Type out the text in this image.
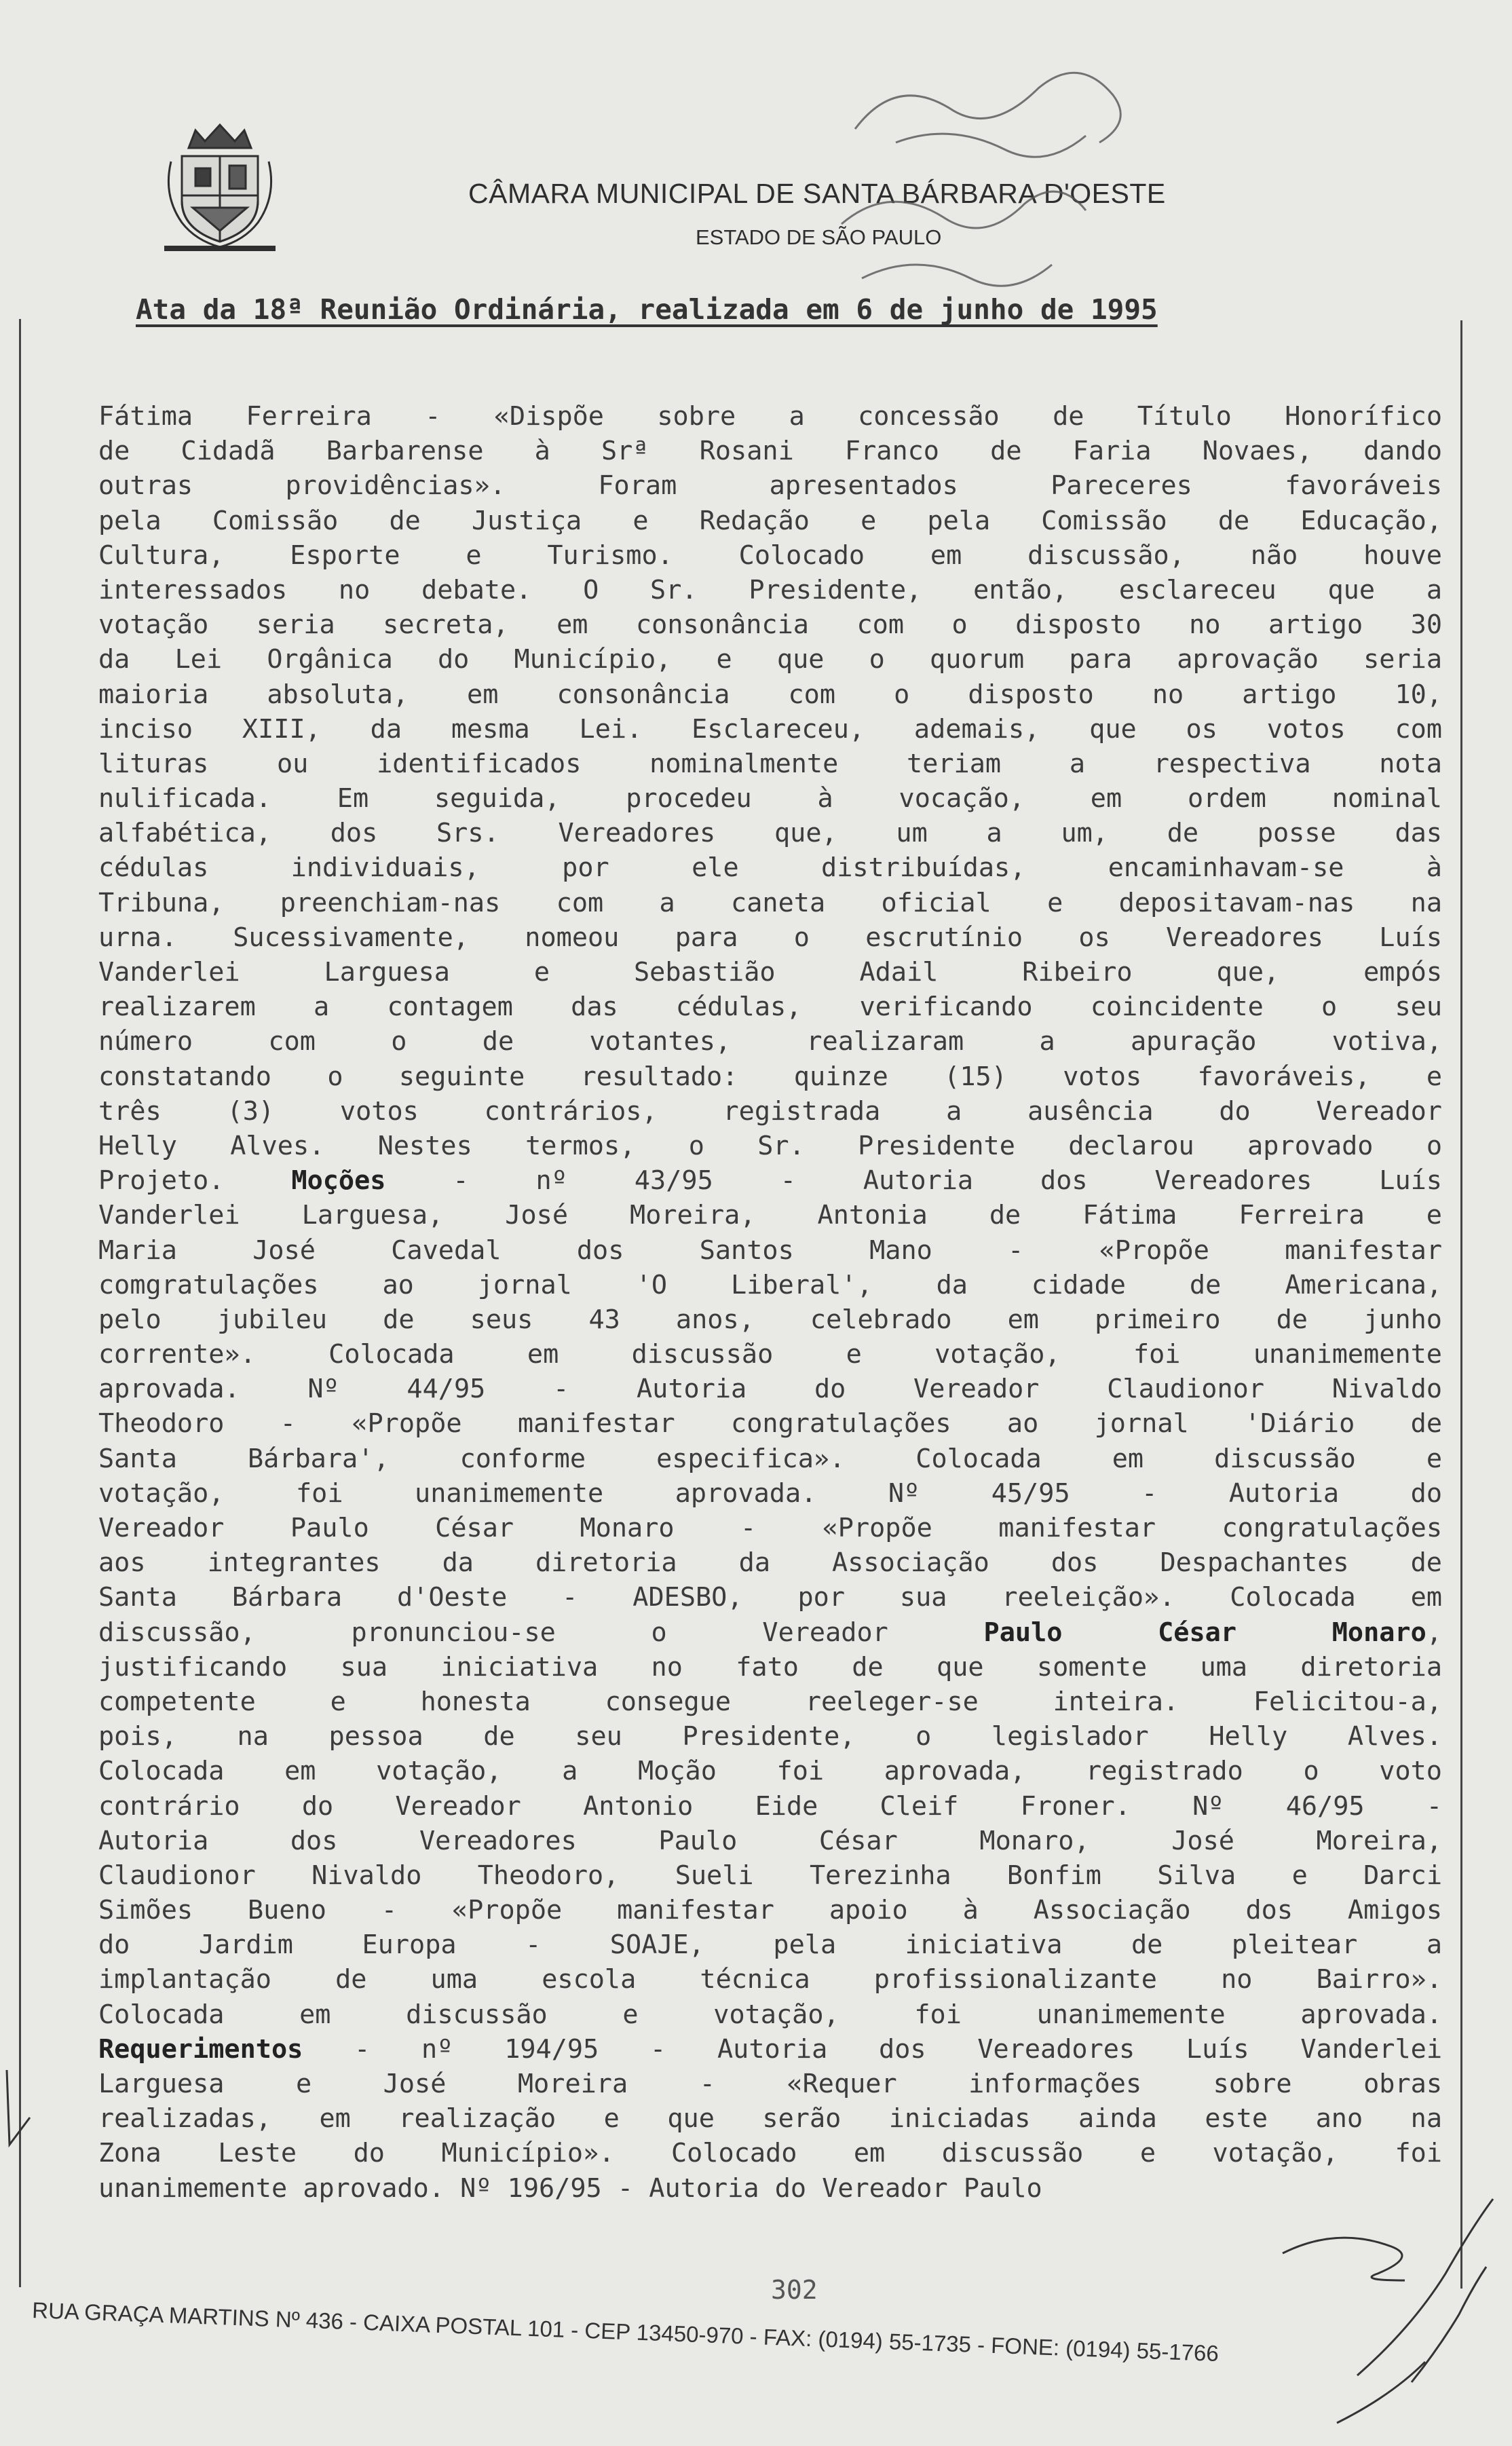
CÂMARA MUNICIPAL DE SANTA BÁRBARA D'OESTE
ESTADO DE SÃO PAULO
Ata da 18ª Reunião Ordinária, realizada em 6 de junho de 1995
Fátima Ferreira - «Dispõe sobre a concessão de Título Honorífico
de Cidadã Barbarense à Srª Rosani Franco de Faria Novaes, dando
outras providências». Foram apresentados Pareceres favoráveis
pela Comissão de Justiça e Redação e pela Comissão de Educação,
Cultura, Esporte e Turismo. Colocado em discussão, não houve
interessados no debate. O Sr. Presidente, então, esclareceu que a
votação seria secreta, em consonância com o disposto no artigo 30
da Lei Orgânica do Município, e que o quorum para aprovação seria
maioria absoluta, em consonância com o disposto no artigo 10,
inciso XIII, da mesma Lei. Esclareceu, ademais, que os votos com
lituras ou identificados nominalmente teriam a respectiva nota
nulificada. Em seguida, procedeu à vocação, em ordem nominal
alfabética, dos Srs. Vereadores que, um a um, de posse das
cédulas individuais, por ele distribuídas, encaminhavam-se à
Tribuna, preenchiam-nas com a caneta oficial e depositavam-nas na
urna. Sucessivamente, nomeou para o escrutínio os Vereadores Luís
Vanderlei Larguesa e Sebastião Adail Ribeiro que, empós
realizarem a contagem das cédulas, verificando coincidente o seu
número com o de votantes, realizaram a apuração votiva,
constatando o seguinte resultado: quinze (15) votos favoráveis, e
três (3) votos contrários, registrada a ausência do Vereador
Helly Alves. Nestes termos, o Sr. Presidente declarou aprovado o
Projeto. Moções - nº 43/95 - Autoria dos Vereadores Luís
Vanderlei Larguesa, José Moreira, Antonia de Fátima Ferreira e
Maria José Cavedal dos Santos Mano - «Propõe manifestar
comgratulações ao jornal 'O Liberal', da cidade de Americana,
pelo jubileu de seus 43 anos, celebrado em primeiro de junho
corrente». Colocada em discussão e votação, foi unanimemente
aprovada. Nº 44/95 - Autoria do Vereador Claudionor Nivaldo
Theodoro - «Propõe manifestar congratulações ao jornal 'Diário de
Santa Bárbara', conforme especifica». Colocada em discussão e
votação, foi unanimemente aprovada. Nº 45/95 - Autoria do
Vereador Paulo César Monaro - «Propõe manifestar congratulações
aos integrantes da diretoria da Associação dos Despachantes de
Santa Bárbara d'Oeste - ADESBO, por sua reeleição». Colocada em
discussão, pronunciou-se o Vereador Paulo César Monaro,
justificando sua iniciativa no fato de que somente uma diretoria
competente e honesta consegue reeleger-se inteira. Felicitou-a,
pois, na pessoa de seu Presidente, o legislador Helly Alves.
Colocada em votação, a Moção foi aprovada, registrado o voto
contrário do Vereador Antonio Eide Cleif Froner. Nº 46/95 -
Autoria dos Vereadores Paulo César Monaro, José Moreira,
Claudionor Nivaldo Theodoro, Sueli Terezinha Bonfim Silva e Darci
Simões Bueno - «Propõe manifestar apoio à Associação dos Amigos
do Jardim Europa - SOAJE, pela iniciativa de pleitear a
implantação de uma escola técnica profissionalizante no Bairro».
Colocada em discussão e votação, foi unanimemente aprovada.
Requerimentos - nº 194/95 - Autoria dos Vereadores Luís Vanderlei
Larguesa e José Moreira - «Requer informações sobre obras
realizadas, em realização e que serão iniciadas ainda este ano na
Zona Leste do Município». Colocado em discussão e votação, foi
unanimemente aprovado. Nº 196/95 - Autoria do Vereador Paulo
302
RUA GRAÇA MARTINS Nº 436 - CAIXA POSTAL 101 - CEP 13450-970 - FAX: (0194) 55-1735 - FONE: (0194) 55-1766
